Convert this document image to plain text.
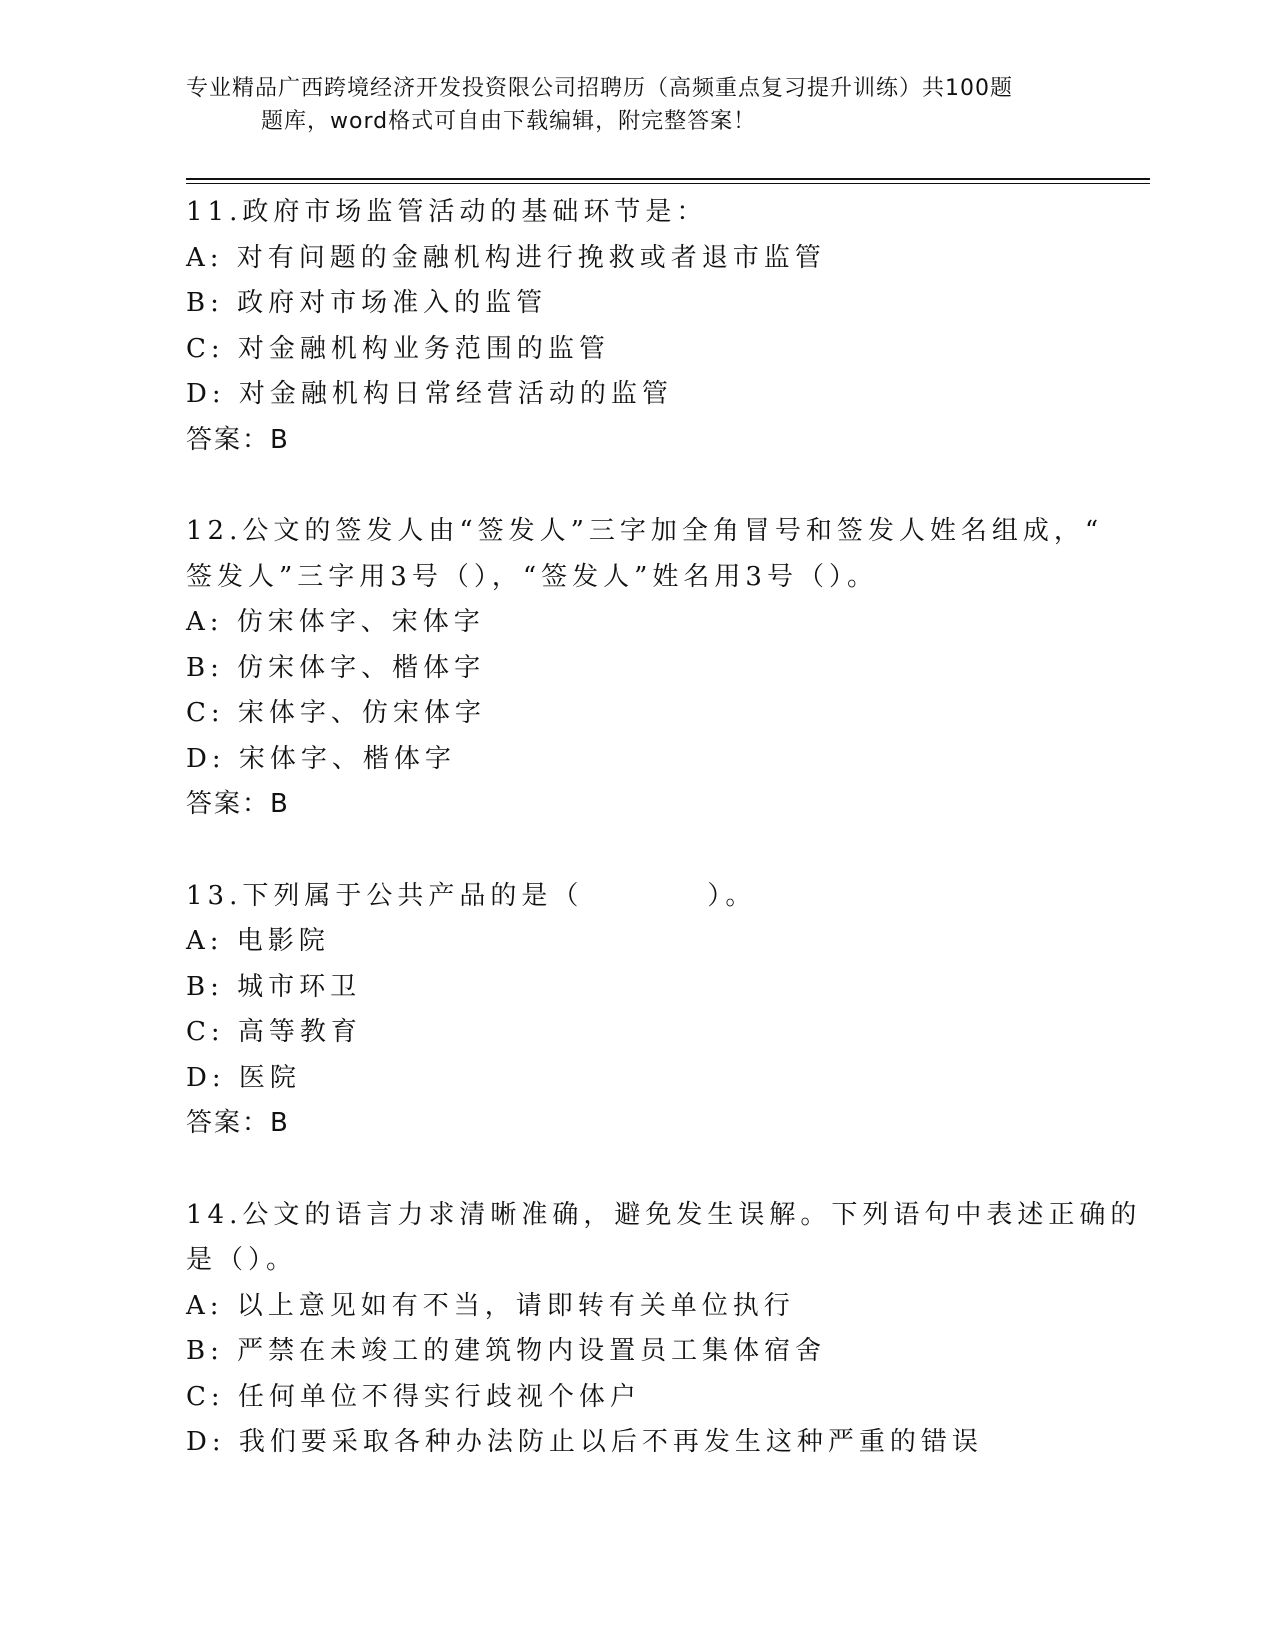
专业精品广西跨境经济开发投资限公司招聘历（高频重点复习提升训练）共100题
题库，word格式可自由下载编辑，附完整答案！
11.政府市场监管活动的基础环节是：
A: 对有问题的金融机构进行挽救或者退市监管
B: 政府对市场准入的监管
C: 对金融机构业务范围的监管
D: 对金融机构日常经营活动的监管
答案：B
12.公文的签发人由“签发人”三字加全角冒号和签发人姓名组成，“
签发人”三字用3号（），“签发人”姓名用3号（）。
A: 仿宋体字、宋体字
B: 仿宋体字、楷体字
C: 宋体字、仿宋体字
D: 宋体字、楷体字
答案：B
13.下列属于公共产品的是（　　　　）。
A: 电影院
B: 城市环卫
C: 高等教育
D: 医院
答案：B
14.公文的语言力求清晰准确，避免发生误解。下列语句中表述正确的
是（）。
A: 以上意见如有不当，请即转有关单位执行
B: 严禁在未竣工的建筑物内设置员工集体宿舍
C: 任何单位不得实行歧视个体户
D: 我们要采取各种办法防止以后不再发生这种严重的错误
